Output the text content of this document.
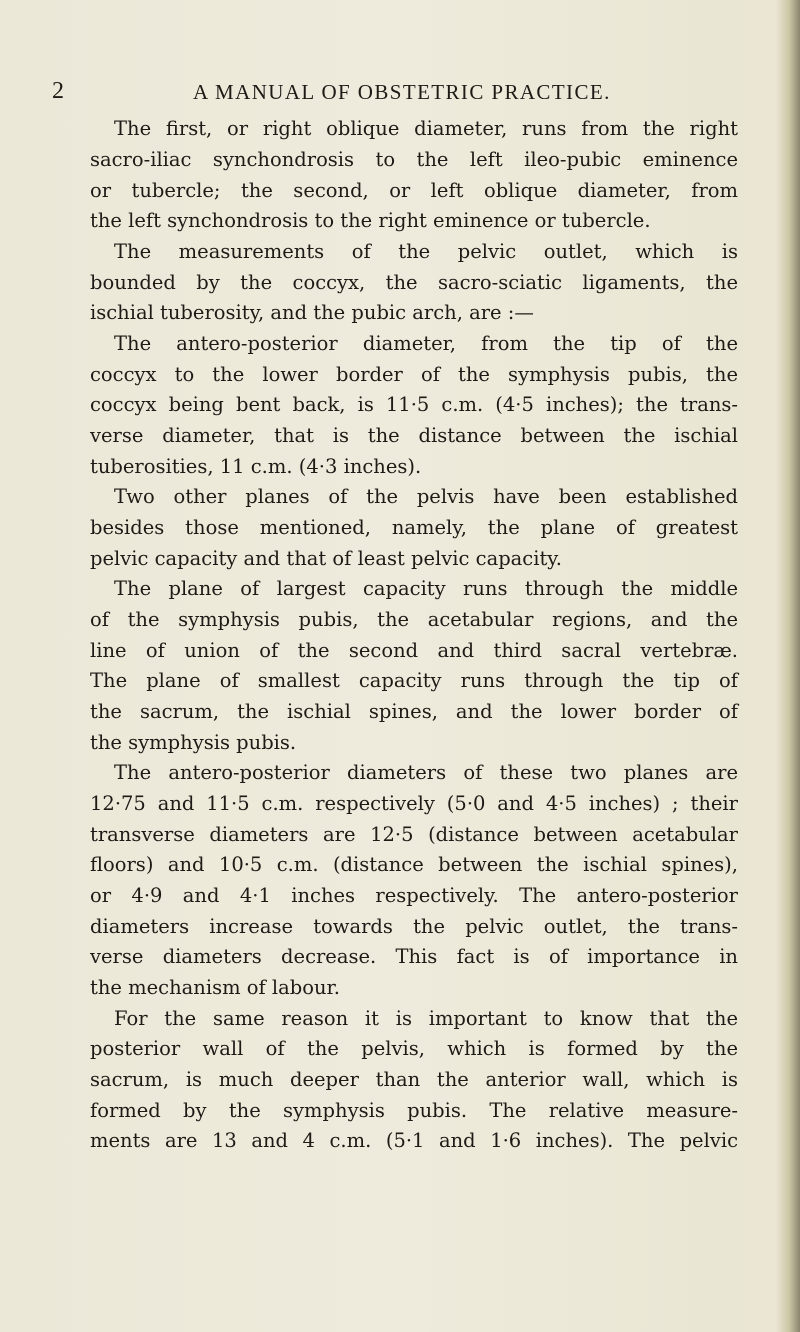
2	A MANUAL OF OBSTETRIC PRACTICE.
The first, or right oblique diameter, runs from the right
sacro-iliac synchondrosis to the left ileo-pubic eminence
or tubercle; the second, or left oblique diameter, from
the left synchondrosis to the right eminence or tubercle.
The measurements of the pelvic outlet, which is
bounded by the coccyx, the sacro-sciatic ligaments, the
ischial tuberosity, and the pubic arch, are :—
The antero-posterior diameter, from the tip of the
coccyx to the lower border of the symphysis pubis, the
coccyx being bent back, is 11·5 c.m. (4·5 inches); the trans-
verse diameter, that is the distance between the ischial
tuberosities, 11 c.m. (4·3 inches).
Two other planes of the pelvis have been established
besides those mentioned, namely, the plane of greatest
pelvic capacity and that of least pelvic capacity.
The plane of largest capacity runs through the middle
of the symphysis pubis, the acetabular regions, and the
line of union of the second and third sacral vertebræ.
The plane of smallest capacity runs through the tip of
the sacrum, the ischial spines, and the lower border of
the symphysis pubis.
The antero-posterior diameters of these two planes are
12·75 and 11·5 c.m. respectively (5·0 and 4·5 inches) ; their
transverse diameters are 12·5 (distance between acetabular
floors) and 10·5 c.m. (distance between the ischial spines),
or 4·9 and 4·1 inches respectively. The antero-posterior
diameters increase towards the pelvic outlet, the trans-
verse diameters decrease. This fact is of importance in
the mechanism of labour.
For the same reason it is important to know that the
posterior wall of the pelvis, which is formed by the
sacrum, is much deeper than the anterior wall, which is
formed by the symphysis pubis. The relative measure-
ments are 13 and 4 c.m. (5·1 and 1·6 inches). The pelvic
